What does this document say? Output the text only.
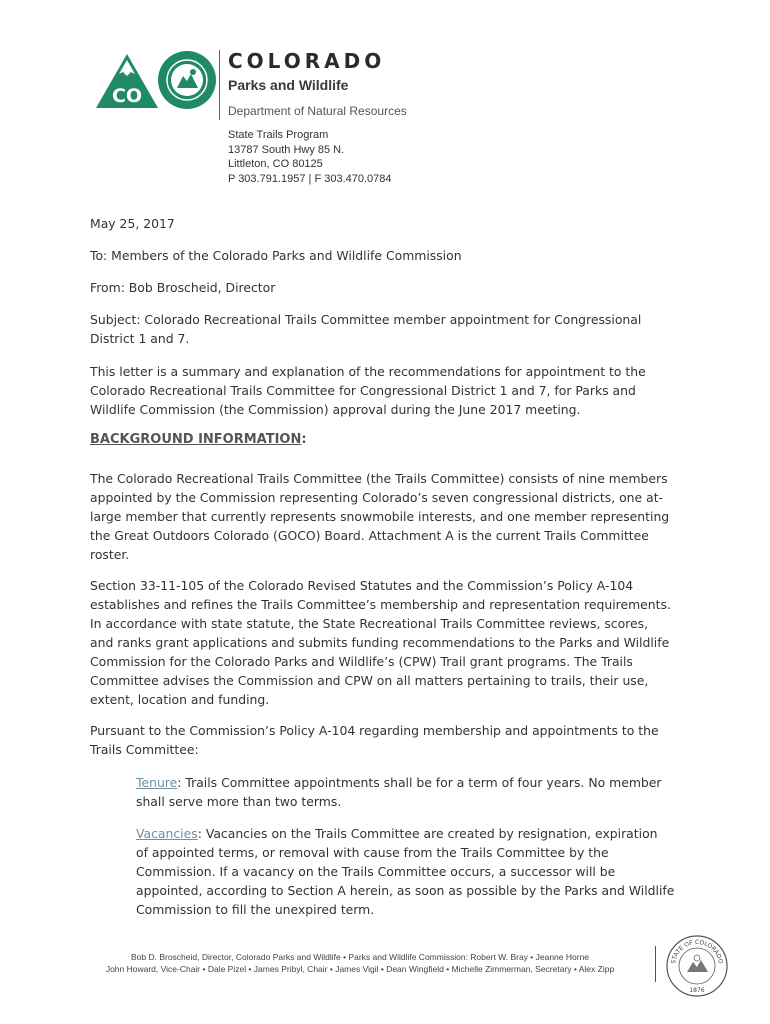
CO
COLORADO
Parks and Wildlife
Department of Natural Resources
State Trails Program
13787 South Hwy 85 N.
Littleton, CO 80125
P 303.791.1957 | F 303.470.0784
May 25, 2017
To: Members of the Colorado Parks and Wildlife Commission
From: Bob Broscheid, Director
Subject: Colorado Recreational Trails Committee member appointment for Congressional
District 1 and 7.
This letter is a summary and explanation of the recommendations for appointment to the
Colorado Recreational Trails Committee for Congressional District 1 and 7, for Parks and
Wildlife Commission (the Commission) approval during the June 2017 meeting.
BACKGROUND INFORMATION:
The Colorado Recreational Trails Committee (the Trails Committee) consists of nine members
appointed by the Commission representing Colorado’s seven congressional districts, one at-
large member that currently represents snowmobile interests, and one member representing
the Great Outdoors Colorado (GOCO) Board. Attachment A is the current Trails Committee
roster.
Section 33-11-105 of the Colorado Revised Statutes and the Commission’s Policy A-104
establishes and refines the Trails Committee’s membership and representation requirements.
In accordance with state statute, the State Recreational Trails Committee reviews, scores,
and ranks grant applications and submits funding recommendations to the Parks and Wildlife
Commission for the Colorado Parks and Wildlife’s (CPW) Trail grant programs. The Trails
Committee advises the Commission and CPW on all matters pertaining to trails, their use,
extent, location and funding.
Pursuant to the Commission’s Policy A-104 regarding membership and appointments to the
Trails Committee:
Tenure: Trails Committee appointments shall be for a term of four years. No member
shall serve more than two terms.
Vacancies: Vacancies on the Trails Committee are created by resignation, expiration
of appointed terms, or removal with cause from the Trails Committee by the
Commission. If a vacancy on the Trails Committee occurs, a successor will be
appointed, according to Section A herein, as soon as possible by the Parks and Wildlife
Commission to fill the unexpired term.
Bob D. Broscheid, Director, Colorado Parks and Wildlife • Parks and Wildlife Commission: Robert W. Bray • Jeanne Horne
John Howard, Vice-Chair • Dale Pizel • James Pribyl, Chair • James Vigil • Dean Wingfield • Michelle Zimmerman, Secretary • Alex Zipp
STATE OF COLORADO
1876
